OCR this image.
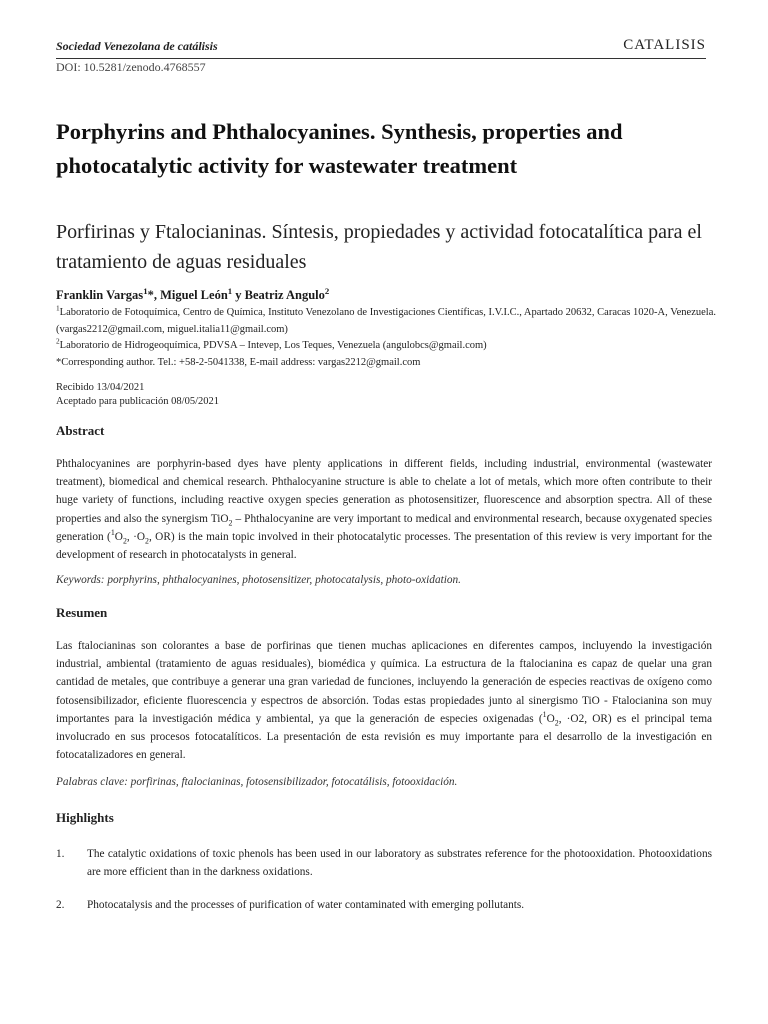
Sociedad Venezolana de catálisis	CATALISIS
DOI: 10.5281/zenodo.4768557
Porphyrins and Phthalocyanines. Synthesis, properties and photocatalytic activity for wastewater treatment
Porfirinas y Ftalocianinas. Síntesis, propiedades y actividad fotocatalítica para el tratamiento de aguas residuales
Franklin Vargas$^1$*, Miguel León$^1$ y Beatriz Angulo$^2$
$^1$Laboratorio de Fotoquímica, Centro de Química, Instituto Venezolano de Investigaciones Científicas, I.V.I.C., Apartado 20632, Caracas 1020-A, Venezuela. (vargas2212@gmail.com, miguel.italia11@gmail.com)
$^2$Laboratorio de Hidrogeoquímica, PDVSA – Intevep, Los Teques, Venezuela (angulobcs@gmail.com)
*Corresponding author. Tel.: +58-2-5041338, E-mail address: vargas2212@gmail.com
Recibido 13/04/2021
Aceptado para publicación 08/05/2021
Abstract
Phthalocyanines are porphyrin-based dyes have plenty applications in different fields, including industrial, environmental (wastewater treatment), biomedical and chemical research. Phthalocyanine structure is able to chelate a lot of metals, which more often contribute to their huge variety of functions, including reactive oxygen species generation as photosensitizer, fluorescence and absorption spectra. All of these properties and also the synergism TiO$_2$ – Phthalocyanine are very important to medical and environmental research, because oxygenated species generation ($^1O_2$, $\cdot O_2$, OR) is the main topic involved in their photocatalytic processes. The presentation of this review is very important for the development of research in photocatalysts in general.
Keywords: porphyrins, phthalocyanines, photosensitizer, photocatalysis, photo-oxidation.
Resumen
Las ftalocianinas son colorantes a base de porfirinas que tienen muchas aplicaciones en diferentes campos, incluyendo la investigación industrial, ambiental (tratamiento de aguas residuales), biomédica y química. La estructura de la ftalocianina es capaz de quelar una gran cantidad de metales, que contribuye a generar una gran variedad de funciones, incluyendo la generación de especies reactivas de oxígeno como fotosensibilizador, eficiente fluorescencia y espectros de absorción. Todas estas propiedades junto al sinergismo TiO - Ftalocianina son muy importantes para la investigación médica y ambiental, ya que la generación de especies oxigenadas ($^1O_2$, ·O2, OR) es el principal tema involucrado en sus procesos fotocatalíticos. La presentación de esta revisión es muy importante para el desarrollo de la investigación en fotocatalizadores en general.
Palabras clave: porfirinas, ftalocianinas, fotosensibilizador, fotocatálisis, fotooxidación.
Highlights
1. The catalytic oxidations of toxic phenols has been used in our laboratory as substrates reference for the photooxidation. Photooxidations are more efficient than in the darkness oxidations.
2. Photocatalysis and the processes of purification of water contaminated with emerging pollutants.
